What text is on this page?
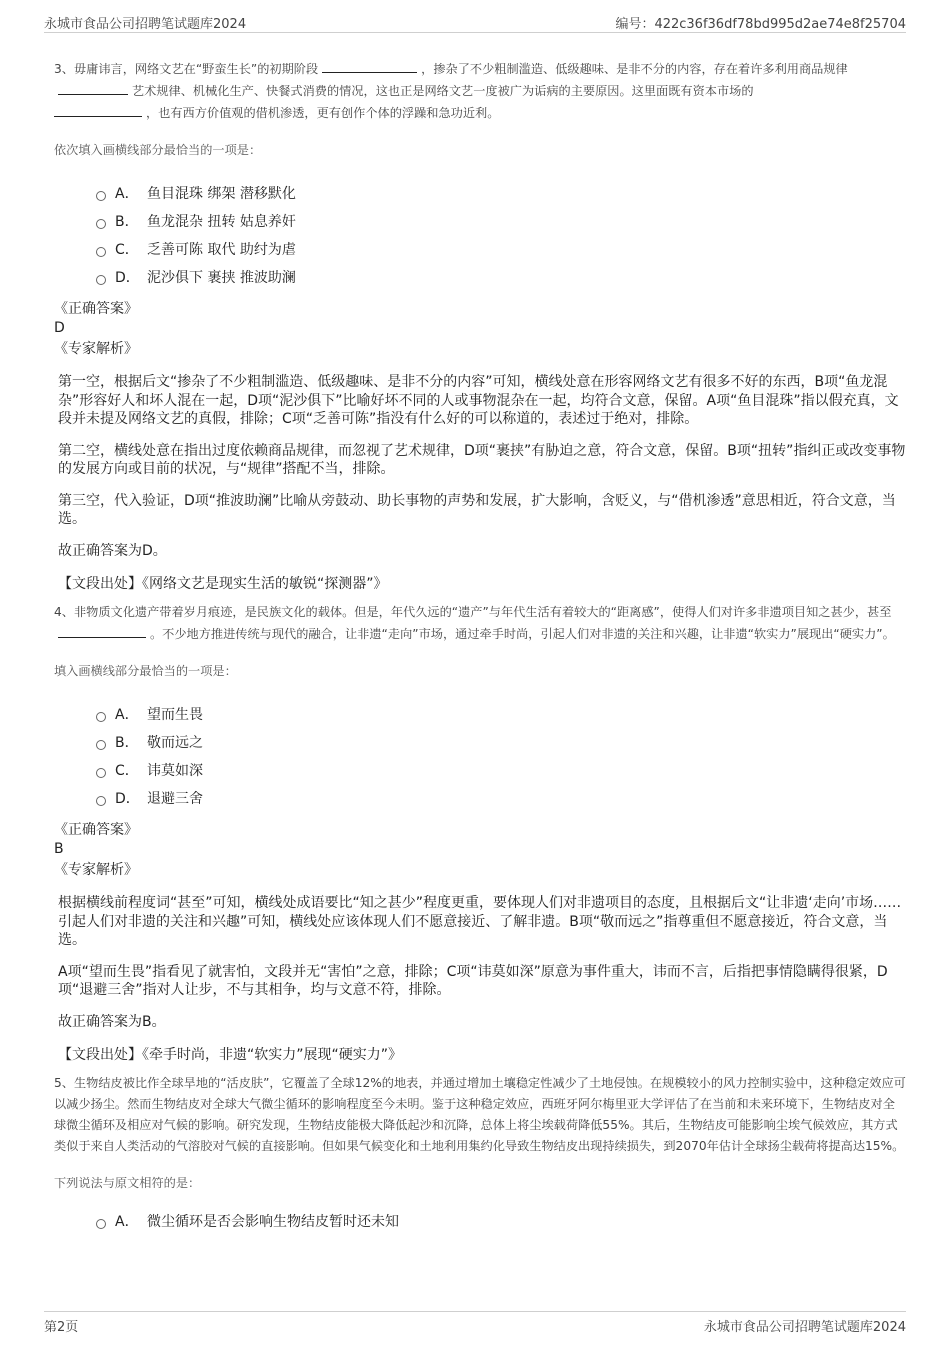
永城市食品公司招聘笔试题库2024	编号：422c36f36df78bd995d2ae74e8f25704

3、毋庸讳言，网络文艺在“野蛮生长”的初期阶段	，掺杂了不少粗制滥造、低级趣味、是非不分的内容，存在着许多利用商品规律艺术规律、机械化生产、快餐式消费的情况，这也正是网络文艺一度被广为诟病的主要原因。这里面既有资本市场的
，也有西方价值观的借机渗透，更有创作个体的浮躁和急功近利。

依次填入画横线部分最恰当的一项是：

A． 鱼目混珠 绑架 潜移默化
B． 鱼龙混杂 扭转 姑息养奸
C． 乏善可陈 取代 助纣为虐
D． 泥沙俱下 裹挟 推波助澜
《正确答案》
D
《专家解析》

第一空，根据后文“掺杂了不少粗制滥造、低级趣味、是非不分的内容”可知，横线处意在形容网络文艺有很多不好的东西，B项“鱼龙混杂”形容好人和坏人混在一起，D项“泥沙俱下”比喻好坏不同的人或事物混杂在一起，均符合文意，保留。A项“鱼目混珠”指以假充真，文段并未提及网络文艺的真假，排除；C项“乏善可陈”指没有什么好的可以称道的，表述过于绝对，排除。

第二空，横线处意在指出过度依赖商品规律，而忽视了艺术规律，D项“裹挟”有胁迫之意，符合文意，保留。B项“扭转”指纠正或改变事物的发展方向或目前的状况，与“规律”搭配不当，排除。

第三空，代入验证，D项“推波助澜”比喻从旁鼓动、助长事物的声势和发展，扩大影响，含贬义，与“借机渗透”意思相近，符合文意，当选。

故正确答案为D。

【文段出处】《网络文艺是现实生活的敏锐“探测器”》

4、非物质文化遗产带着岁月痕迹，是民族文化的载体。但是，年代久远的“遗产”与年代生活有着较大的“距离感”，使得人们对许多非遗项目知之甚少，甚至。不少地方推进传统与现代的融合，让非遗“走向”市场，通过牵手时尚，引起人们对非遗的关注和兴趣，让非遗“软实力”展现出“硬实力”。

填入画横线部分最恰当的一项是：

A． 望而生畏
B． 敬而远之
C． 讳莫如深
D． 退避三舍
《正确答案》
B
《专家解析》

根据横线前程度词“甚至”可知，横线处成语要比“知之甚少”程度更重，要体现人们对非遗项目的态度，且根据后文“让非遗‘走向’市场……引起人们对非遗的关注和兴趣”可知，横线处应该体现人们不愿意接近、了解非遗。B项“敬而远之”指尊重但不愿意接近，符合文意，当选。

A项“望而生畏”指看见了就害怕，文段并无“害怕”之意，排除；C项“讳莫如深”原意为事件重大，讳而不言，后指把事情隐瞒得很紧，D项“退避三舍”指对人让步，不与其相争，均与文意不符，排除。

故正确答案为B。

【文段出处】《牵手时尚，非遗“软实力”展现“硬实力”》

5、生物结皮被比作全球旱地的“活皮肤”，它覆盖了全球12%的地表，并通过增加土壤稳定性减少了土地侵蚀。在规模较小的风力控制实验中，这种稳定效应可以减少扬尘。然而生物结皮对全球大气微尘循环的影响程度至今未明。鉴于这种稳定效应，西班牙阿尔梅里亚大学评估了在当前和未来环境下，生物结皮对全球微尘循环及相应对气候的影响。研究发现，生物结皮能极大降低起沙和沉降，总体上将尘埃载荷降低55%。其后，生物结皮可能影响尘埃气候效应，其方式类似于来自人类活动的气溶胶对气候的直接影响。但如果气候变化和土地利用集约化导致生物结皮出现持续损失，到2070年估计全球扬尘载荷将提高达15%。

下列说法与原文相符的是：

A． 微尘循环是否会影响生物结皮暂时还未知
第2页	永城市食品公司招聘笔试题库2024
